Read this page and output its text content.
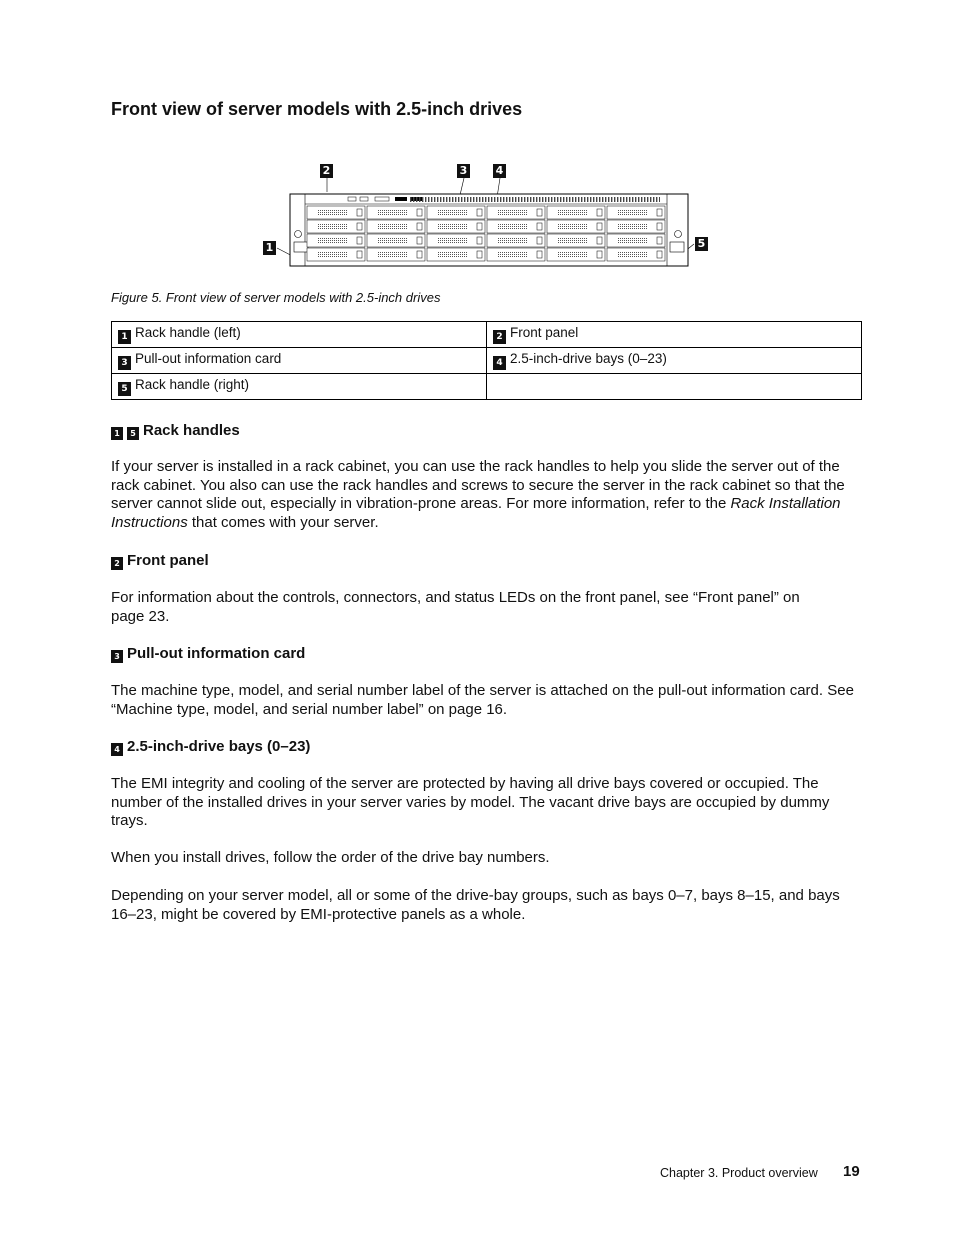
Front view of server models with 2.5-inch drives
2	3	4
1	5
Figure 5. Front view of server models with 2.5-inch drives
1 Rack handle (left)	2 Front panel
3 Pull-out information card	4 2.5-inch-drive bays (0–23)
5 Rack handle (right)	
1 5 Rack handles
If your server is installed in a rack cabinet, you can use the rack handles to help you slide the server out of the rack cabinet. You also can use the rack handles and screws to secure the server in the rack cabinet so that the server cannot slide out, especially in vibration-prone areas. For more information, refer to the Rack Installation Instructions that comes with your server.
2 Front panel
For information about the controls, connectors, and status LEDs on the front panel, see “Front panel” on page 23.
3 Pull-out information card
The machine type, model, and serial number label of the server is attached on the pull-out information card. See “Machine type, model, and serial number label” on page 16.
4 2.5-inch-drive bays (0–23)
The EMI integrity and cooling of the server are protected by having all drive bays covered or occupied. The number of the installed drives in your server varies by model. The vacant drive bays are occupied by dummy trays.
When you install drives, follow the order of the drive bay numbers.
Depending on your server model, all or some of the drive-bay groups, such as bays 0–7, bays 8–15, and bays 16–23, might be covered by EMI-protective panels as a whole.
Chapter 3. Product overview 19
